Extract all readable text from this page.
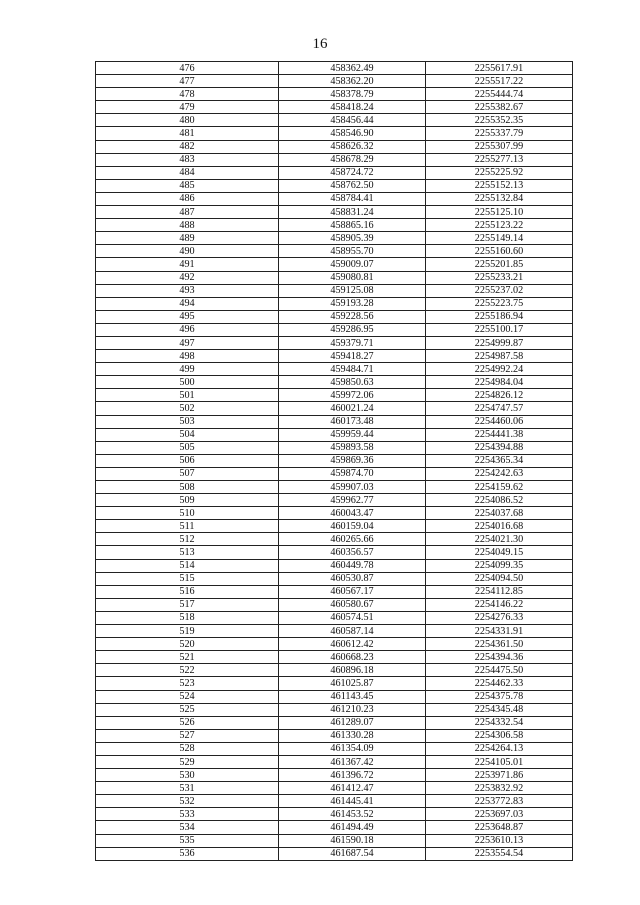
16
476	458362.49	2255617.91
477	458362.20	2255517.22
478	458378.79	2255444.74
479	458418.24	2255382.67
480	458456.44	2255352.35
481	458546.90	2255337.79
482	458626.32	2255307.99
483	458678.29	2255277.13
484	458724.72	2255225.92
485	458762.50	2255152.13
486	458784.41	2255132.84
487	458831.24	2255125.10
488	458865.16	2255123.22
489	458905.39	2255149.14
490	458955.70	2255160.60
491	459009.07	2255201.85
492	459080.81	2255233.21
493	459125.08	2255237.02
494	459193.28	2255223.75
495	459228.56	2255186.94
496	459286.95	2255100.17
497	459379.71	2254999.87
498	459418.27	2254987.58
499	459484.71	2254992.24
500	459850.63	2254984.04
501	459972.06	2254826.12
502	460021.24	2254747.57
503	460173.48	2254460.06
504	459959.44	2254441.38
505	459893.58	2254394.88
506	459869.36	2254365.34
507	459874.70	2254242.63
508	459907.03	2254159.62
509	459962.77	2254086.52
510	460043.47	2254037.68
511	460159.04	2254016.68
512	460265.66	2254021.30
513	460356.57	2254049.15
514	460449.78	2254099.35
515	460530.87	2254094.50
516	460567.17	2254112.85
517	460580.67	2254146.22
518	460574.51	2254276.33
519	460587.14	2254331.91
520	460612.42	2254361.50
521	460668.23	2254394.36
522	460896.18	2254475.50
523	461025.87	2254462.33
524	461143.45	2254375.78
525	461210.23	2254345.48
526	461289.07	2254332.54
527	461330.28	2254306.58
528	461354.09	2254264.13
529	461367.42	2254105.01
530	461396.72	2253971.86
531	461412.47	2253832.92
532	461445.41	2253772.83
533	461453.52	2253697.03
534	461494.49	2253648.87
535	461590.18	2253610.13
536	461687.54	2253554.54
